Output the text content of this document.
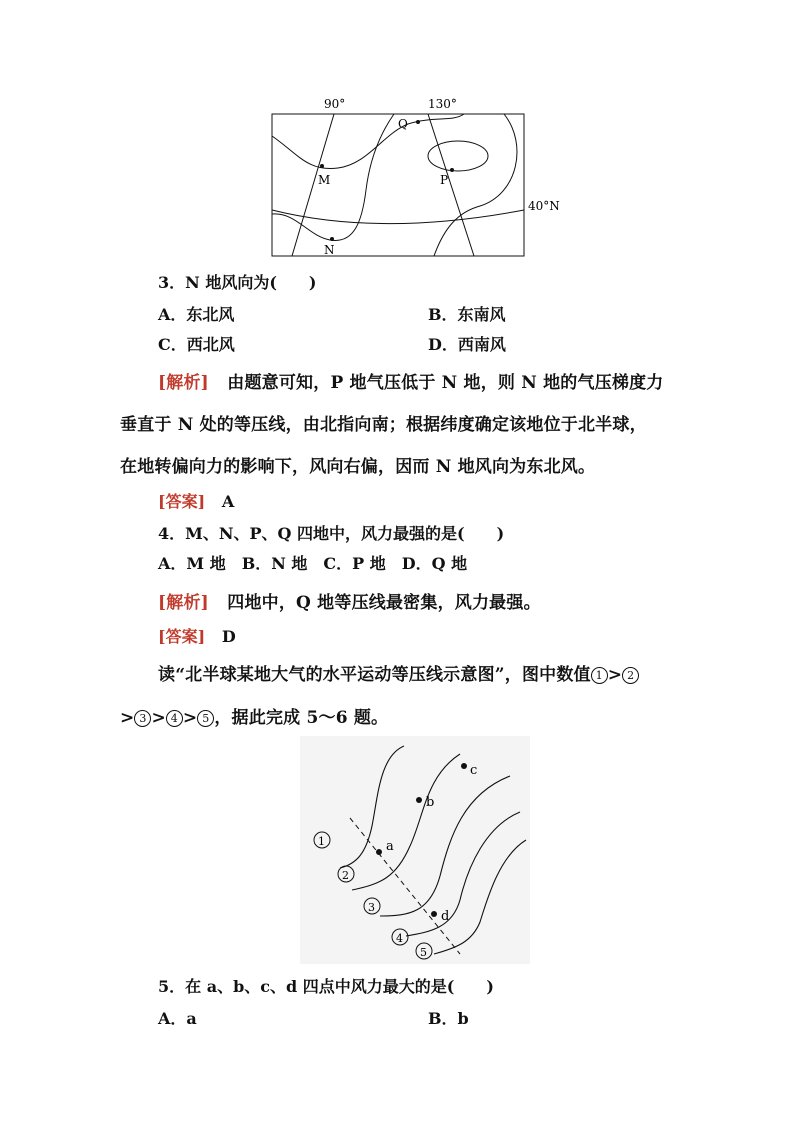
M	P
Q
N
90°	130°
40°N
3．N 地风向为(　　)
A．东北风	B．东南风
C．西北风	D．西南风
[解析] 由题意可知，P 地气压低于 N 地，则 N 地的气压梯度力
垂直于 N 处的等压线，由北指向南；根据纬度确定该地位于北半球，
在地转偏向力的影响下，风向右偏，因而 N 地风向为东北风。
[答案] A
4．M、N、P、Q 四地中，风力最强的是(　　)
A．M 地　B．N 地　C．P 地　D．Q 地
[解析] 四地中，Q 地等压线最密集，风力最强。
[答案] D
读“北半球某地大气的水平运动等压线示意图”，图中数值 1 > 2
> 3 > 4 > 5 ，据此完成 5～6 题。
1
2
3
4
5
a
b
c
d
5．在 a、b、c、d 四点中风力最大的是(　　)
A．a	B．b
